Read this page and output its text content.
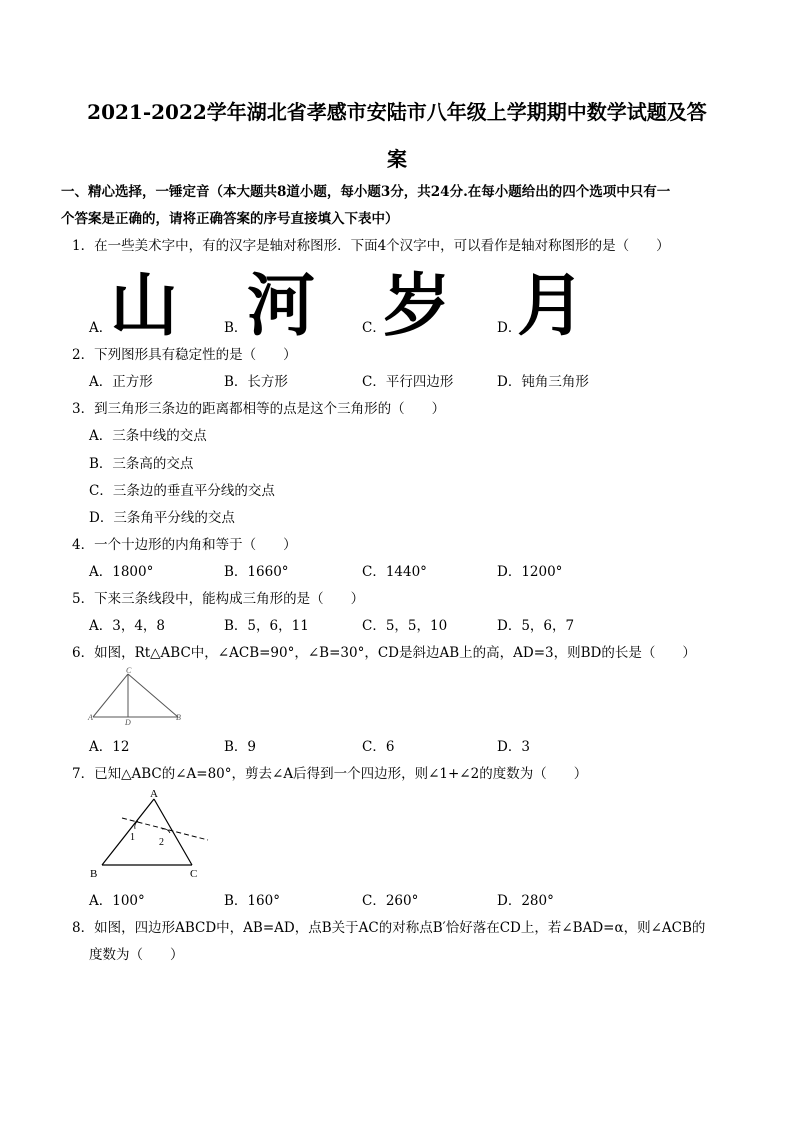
2021-2022学年湖北省孝感市安陆市八年级上学期期中数学试题及答
案
一、精心选择，一锤定音（本大题共8道小题，每小题3分，共24分.在每小题给出的四个选项中只有一
个答案是正确的，请将正确答案的序号直接填入下表中）
1．在一些美术字中，有的汉字是轴对称图形．下面4个汉字中，可以看作是轴对称图形的是（　　）
山 河 岁 月
A．	B．	C．	D．
2．下列图形具有稳定性的是（　　）
A．正方形	B．长方形	C．平行四边形	D．钝角三角形
3．到三角形三条边的距离都相等的点是这个三角形的（　　）
A．三条中线的交点
B．三条高的交点
C．三条边的垂直平分线的交点
D．三条角平分线的交点
4．一个十边形的内角和等于（　　）
A．1800°	B．1660°	C．1440°	D．1200°
5．下来三条线段中，能构成三角形的是（　　）
A．3，4，8	B．5，6，11	C．5，5，10	D．5，6，7
6．如图，Rt△ABC中，∠ACB=90°，∠B=30°，CD是斜边AB上的高，AD=3，则BD的长是（　　）
C
A
D
B
A．12	B．9	C．6	D．3
7．已知△ABC的∠A=80°，剪去∠A后得到一个四边形，则∠1+∠2的度数为（　　）
A
B	C
1 2
A．100°	B．160°	C．260°	D．280°
8．如图，四边形ABCD中，AB=AD，点B关于AC的对称点B′恰好落在CD上，若∠BAD=α，则∠ACB的
度数为（　　）
